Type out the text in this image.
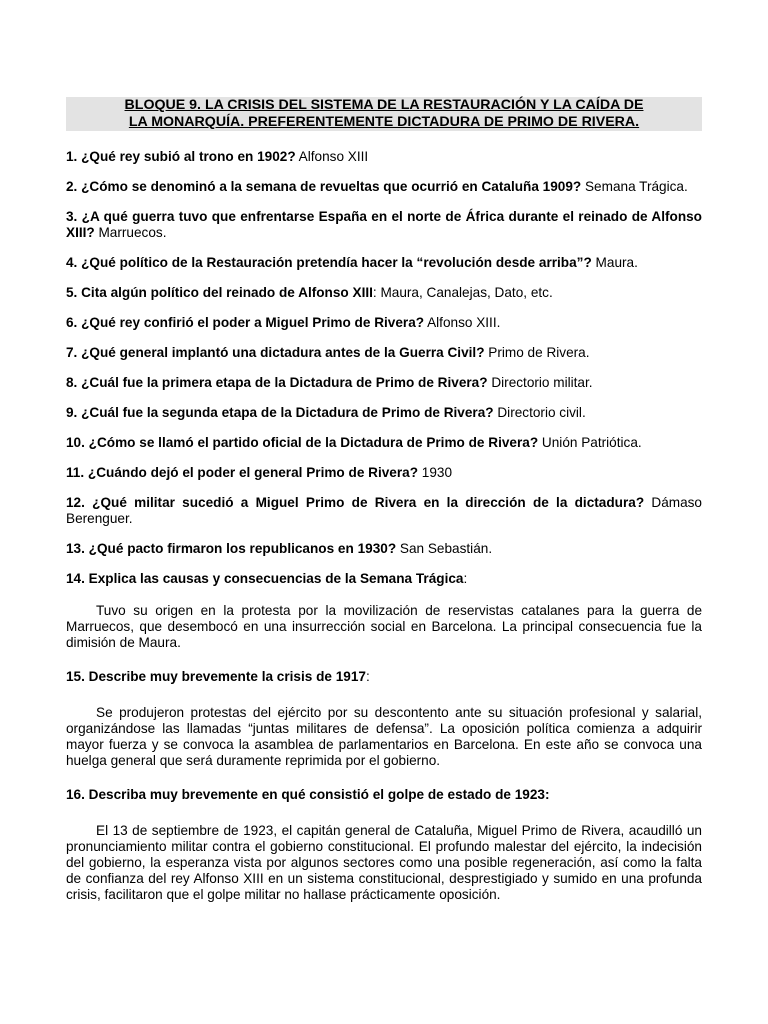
BLOQUE 9. LA CRISIS DEL SISTEMA DE LA RESTAURACIÓN Y LA CAÍDA DE
LA MONARQUÍA. PREFERENTEMENTE DICTADURA DE PRIMO DE RIVERA.
1. ¿Qué rey subió al trono en 1902? Alfonso XIII
2. ¿Cómo se denominó a la semana de revueltas que ocurrió en Cataluña 1909? Semana Trágica.
3. ¿A qué guerra tuvo que enfrentarse España en el norte de África durante el reinado de Alfonso XIII? Marruecos.
4. ¿Qué político de la Restauración pretendía hacer la “revolución desde arriba”? Maura.
5. Cita algún político del reinado de Alfonso XIII: Maura, Canalejas, Dato, etc.
6. ¿Qué rey confirió el poder a Miguel Primo de Rivera? Alfonso XIII.
7. ¿Qué general implantó una dictadura antes de la Guerra Civil? Primo de Rivera.
8. ¿Cuál fue la primera etapa de la Dictadura de Primo de Rivera? Directorio militar.
9. ¿Cuál fue la segunda etapa de la Dictadura de Primo de Rivera? Directorio civil.
10. ¿Cómo se llamó el partido oficial de la Dictadura de Primo de Rivera? Unión Patriótica.
11. ¿Cuándo dejó el poder el general Primo de Rivera? 1930
12. ¿Qué militar sucedió a Miguel Primo de Rivera en la dirección de la dictadura? Dámaso Berenguer.
13. ¿Qué pacto firmaron los republicanos en 1930? San Sebastián.
14. Explica las causas y consecuencias de la Semana Trágica:

Tuvo su origen en la protesta por la movilización de reservistas catalanes para la guerra de Marruecos, que desembocó en una insurrección social en Barcelona. La principal consecuencia fue la dimisión de Maura.

15. Describe muy brevemente la crisis de 1917:

Se produjeron protestas del ejército por su descontento ante su situación profesional y salarial, organizándose las llamadas “juntas militares de defensa”. La oposición política comienza a adquirir mayor fuerza y se convoca la asamblea de parlamentarios en Barcelona. En este año se convoca una huelga general que será duramente reprimida por el gobierno.

16. Describa muy brevemente en qué consistió el golpe de estado de 1923:

El 13 de septiembre de 1923, el capitán general de Cataluña, Miguel Primo de Rivera, acaudilló un pronunciamiento militar contra el gobierno constitucional. El profundo malestar del ejército, la indecisión del gobierno, la esperanza vista por algunos sectores como una posible regeneración, así como la falta de confianza del rey Alfonso XIII en un sistema constitucional, desprestigiado y sumido en una profunda crisis, facilitaron que el golpe militar no hallase prácticamente oposición.
